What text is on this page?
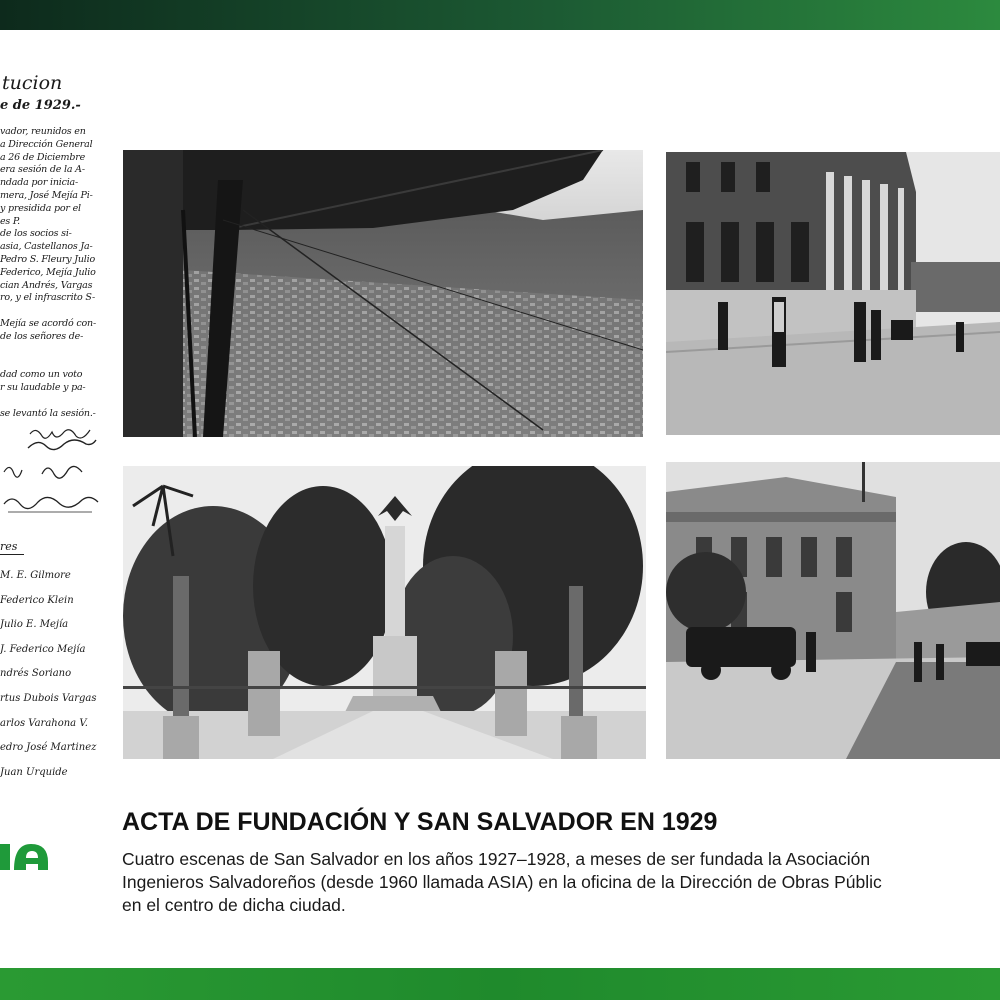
tucion
e de 1929.-
vador, reunidos en
a Dirección General
a 26 de Diciembre
era sesión de la A-
ndada por inicia-
mera, José Mejía Pi-
y presidida por el
es P.
de los socios si-
asia, Castellanos Ja-
Pedro S. Fleury Julio
Federico, Mejía Julio
cian Andrés, Vargas
ro, y el infrascrito S-
Mejía se acordó con-
de los señores de-
dad como un voto
r su laudable y pa-
se levantó la sesión.-
res
M. E. Gilmore
Federico Klein
Julio E. Mejía
J. Federico Mejía
ndrés Soriano
rtus Dubois Vargas
arlos Varahona V.
edro José Martinez
Juan Urquide
ACTA DE FUNDACIÓN Y SAN SALVADOR EN 1929
Cuatro escenas de San Salvador en los años 1927–1928, a meses de ser fundada la Asociación
Ingenieros Salvadoreños (desde 1960 llamada ASIA) en la oficina de la Dirección de Obras Públic
en el centro de dicha ciudad.
